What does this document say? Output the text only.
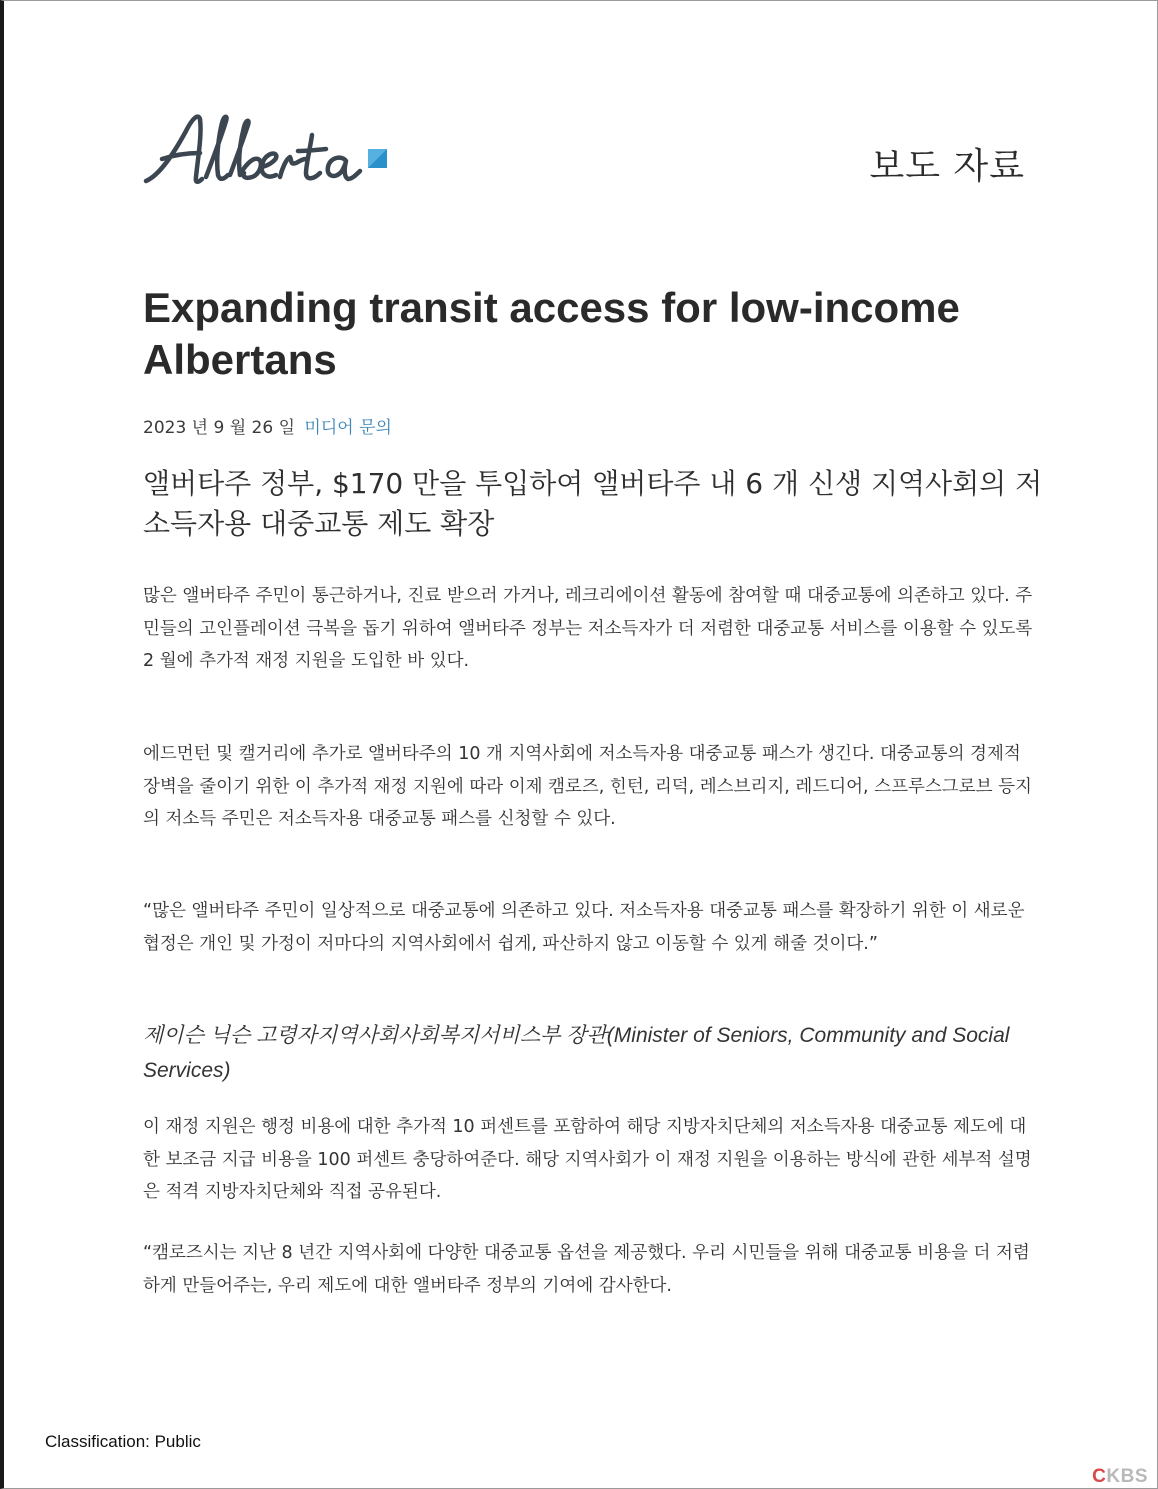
보도 자료
Expanding transit access for low-income Albertans
2023 년 9 월 26 일 미디어 문의
앨버타주 정부, $170 만을 투입하여 앨버타주 내 6 개 신생 지역사회의 저소득자용 대중교통 제도 확장

많은 앨버타주 주민이 통근하거나, 진료 받으러 가거나, 레크리에이션 활동에 참여할 때 대중교통에 의존하고 있다. 주민들의 고인플레이션 극복을 돕기 위하여 앨버타주 정부는 저소득자가 더 저렴한 대중교통 서비스를 이용할 수 있도록 2 월에 추가적 재정 지원을 도입한 바 있다.

에드먼턴 및 캘거리에 추가로 앨버타주의 10 개 지역사회에 저소득자용 대중교통 패스가 생긴다. 대중교통의 경제적 장벽을 줄이기 위한 이 추가적 재정 지원에 따라 이제 캠로즈, 힌턴, 리덕, 레스브리지, 레드디어, 스프루스그로브 등지의 저소득 주민은 저소득자용 대중교통 패스를 신청할 수 있다.

“많은 앨버타주 주민이 일상적으로 대중교통에 의존하고 있다. 저소득자용 대중교통 패스를 확장하기 위한 이 새로운 협정은 개인 및 가정이 저마다의 지역사회에서 쉽게, 파산하지 않고 이동할 수 있게 해줄 것이다.”

제이슨 닉슨 고령자지역사회사회복지서비스부 장관(Minister of Seniors, Community and Social Services)

이 재정 지원은 행정 비용에 대한 추가적 10 퍼센트를 포함하여 해당 지방자치단체의 저소득자용 대중교통 제도에 대한 보조금 지급 비용을 100 퍼센트 충당하여준다. 해당 지역사회가 이 재정 지원을 이용하는 방식에 관한 세부적 설명은 적격 지방자치단체와 직접 공유된다.

“캠로즈시는 지난 8 년간 지역사회에 다양한 대중교통 옵션을 제공했다. 우리 시민들을 위해 대중교통 비용을 더 저렴하게 만들어주는, 우리 제도에 대한 앨버타주 정부의 기여에 감사한다.

Classification: Public
CKBS
